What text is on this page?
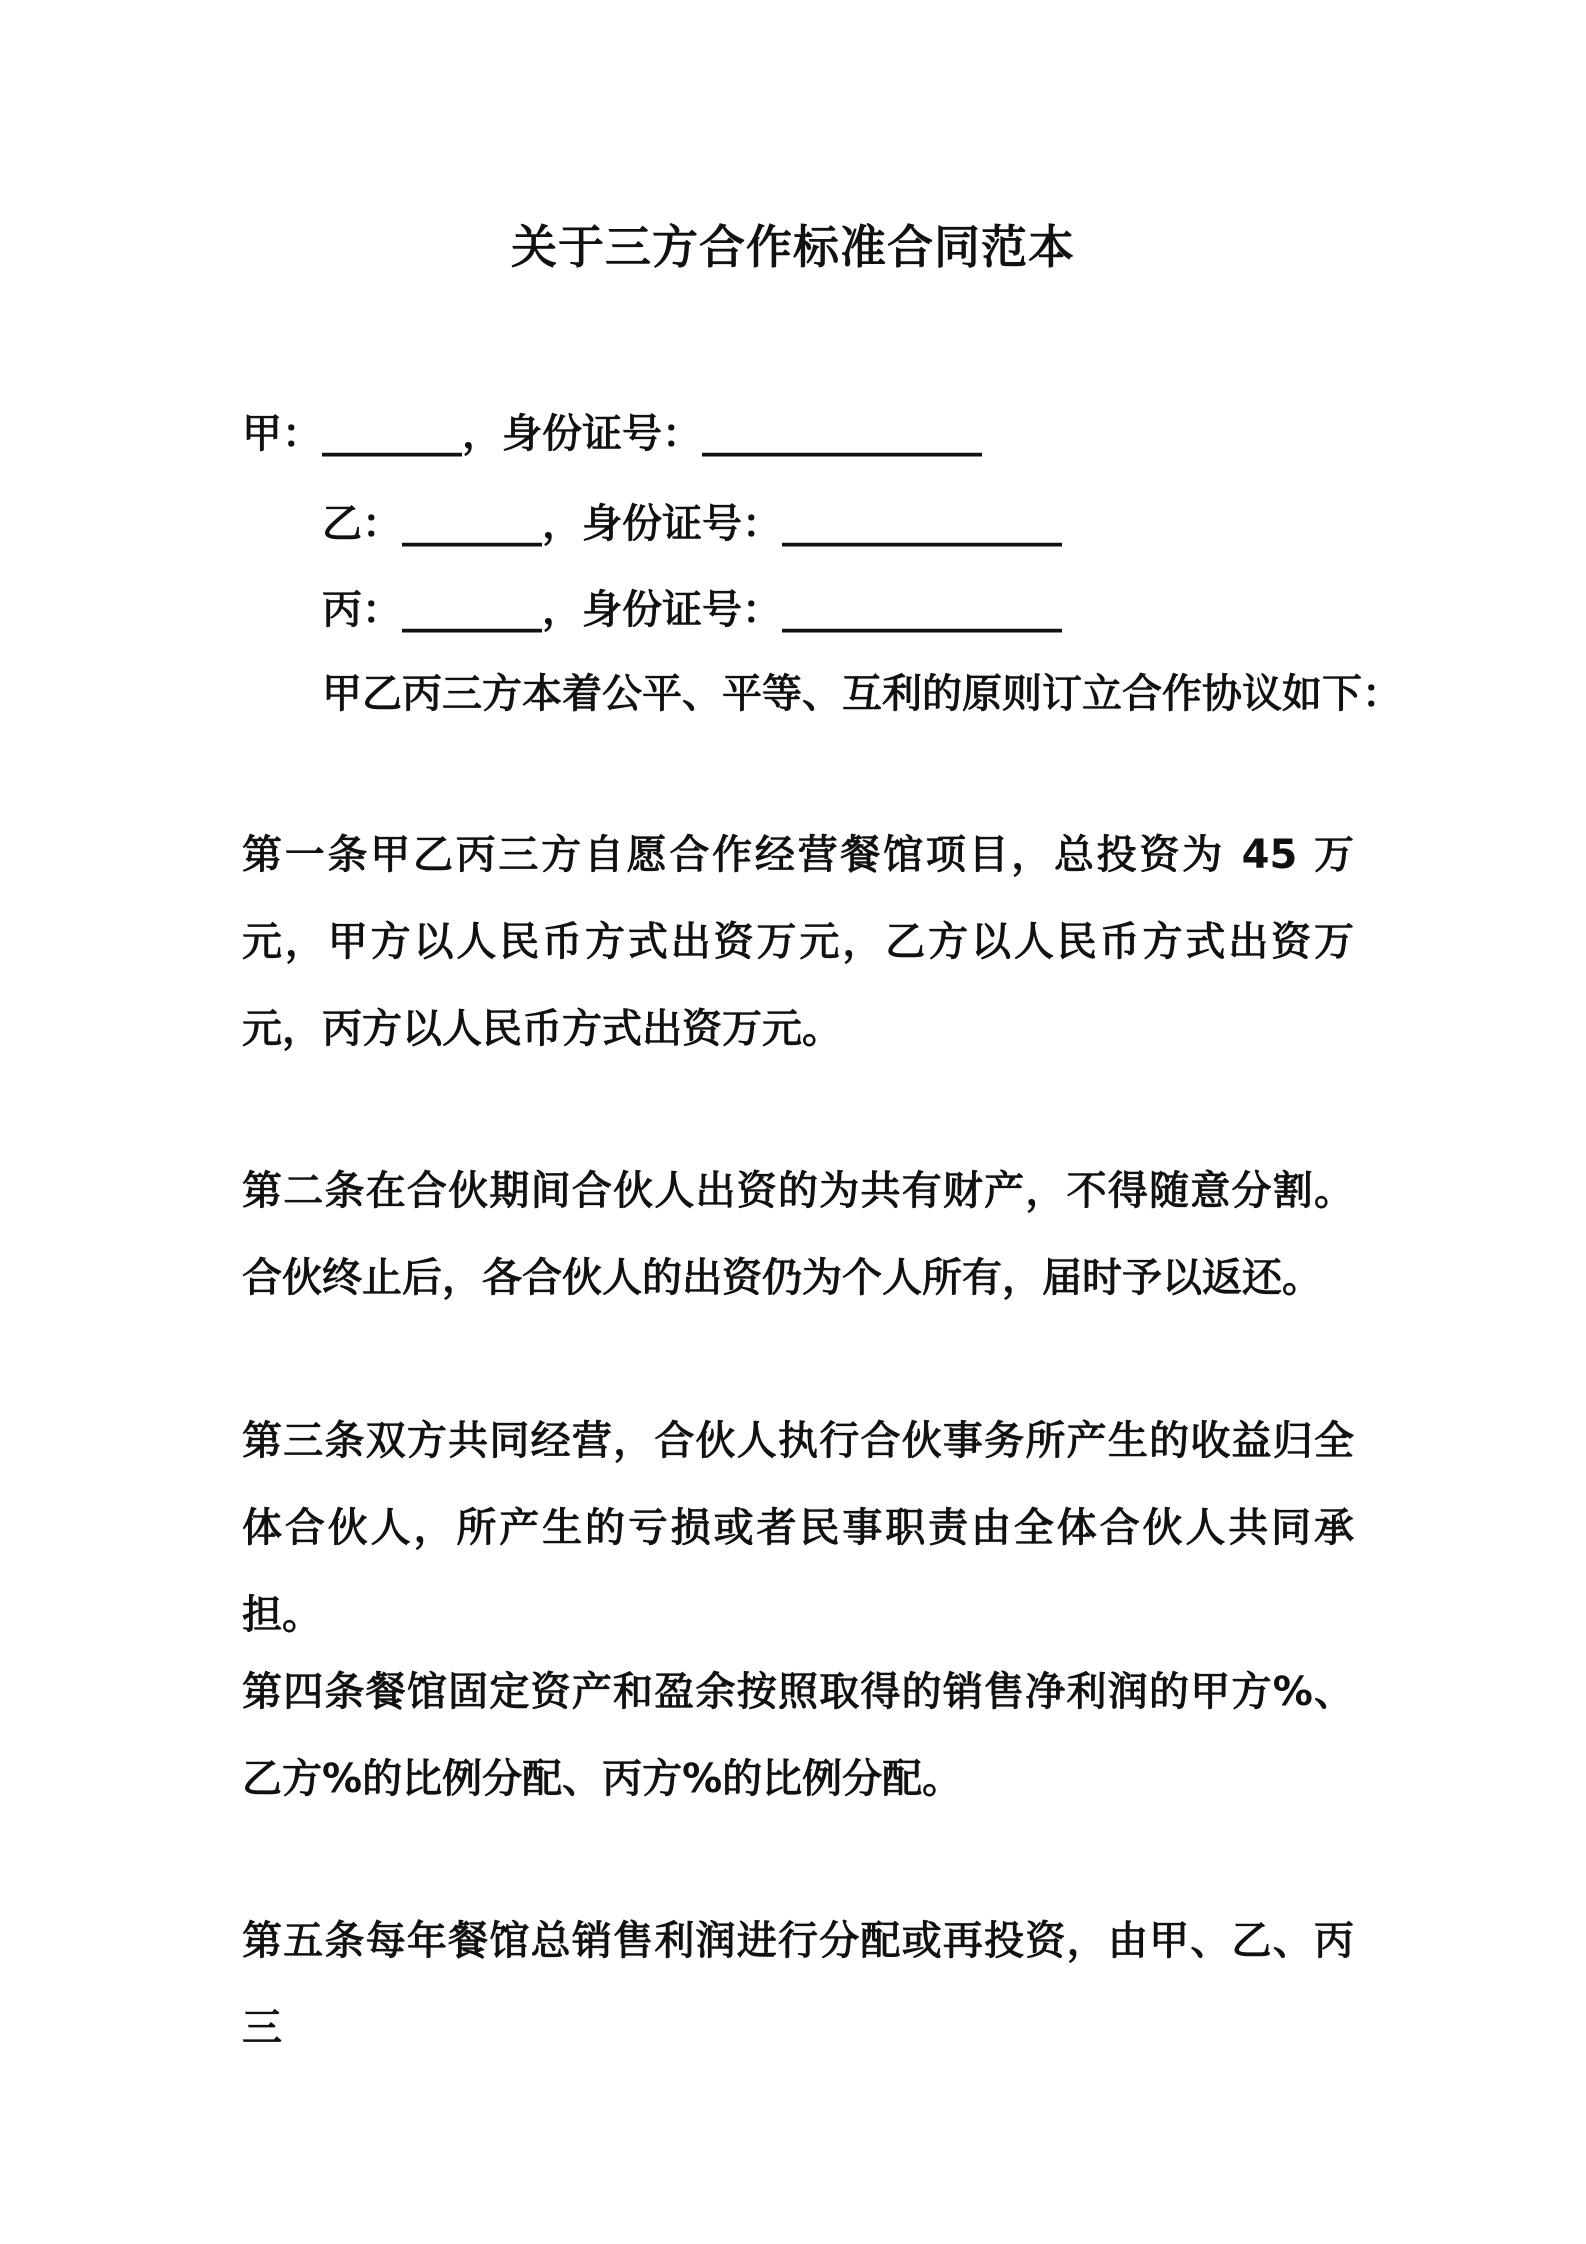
关于三方合作标准合同范本
甲：_______，身份证号：______________
乙：_______，身份证号：______________
丙：_______，身份证号：______________
甲乙丙三方本着公平、平等、互利的原则订立合作协议如下：
第一条甲乙丙三方自愿合作经营餐馆项目，总投资为 45 万元，甲方以人民币方式出资万元，乙方以人民币方式出资万元，丙方以人民币方式出资万元。
第二条在合伙期间合伙人出资的为共有财产，不得随意分割。合伙终止后，各合伙人的出资仍为个人所有，届时予以返还。
第三条双方共同经营，合伙人执行合伙事务所产生的收益归全体合伙人，所产生的亏损或者民事职责由全体合伙人共同承担。
第四条餐馆固定资产和盈余按照取得的销售净利润的甲方%、乙方%的比例分配、丙方%的比例分配。
第五条每年餐馆总销售利润进行分配或再投资，由甲、乙、丙三
